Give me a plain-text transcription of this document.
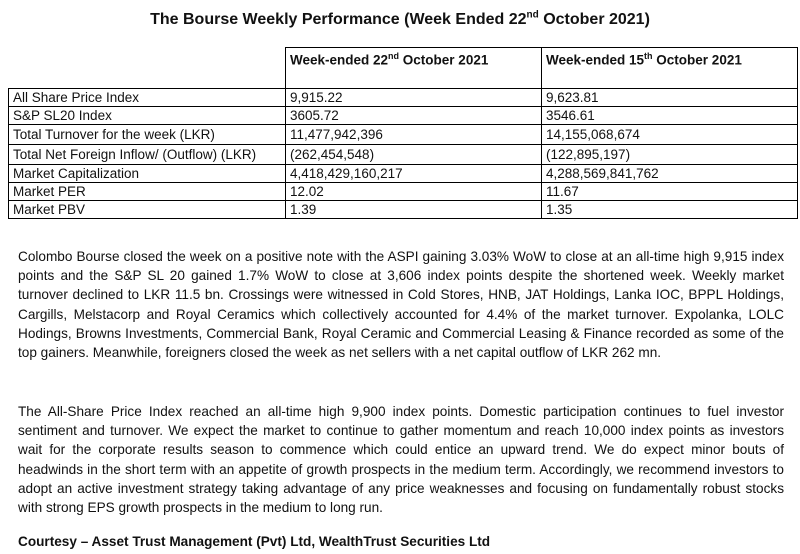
The Bourse Weekly Performance (Week Ended 22nd October 2021)
	Week-ended 22nd October 2021	Week-ended 15th October 2021
All Share Price Index	9,915.22	9,623.81
S&P SL20 Index	3605.72	3546.61
Total Turnover for the week (LKR)	11,477,942,396	14,155,068,674
Total Net Foreign Inflow/ (Outflow) (LKR)	(262,454,548)	(122,895,197)
Market Capitalization	4,418,429,160,217	4,288,569,841,762
Market PER	12.02	11.67
Market PBV	1.39	1.35

Colombo Bourse closed the week on a positive note with the ASPI gaining 3.03% WoW to close at an all-time high 9,915 index points and the S&P SL 20 gained 1.7% WoW to close at 3,606 index points despite the shortened week. Weekly market turnover declined to LKR 11.5 bn. Crossings were witnessed in Cold Stores, HNB, JAT Holdings, Lanka IOC, BPPL Holdings, Cargills, Melstacorp and Royal Ceramics which collectively accounted for 4.4% of the market turnover. Expolanka, LOLC Hodings, Browns Investments, Commercial Bank, Royal Ceramic and Commercial Leasing & Finance recorded as some of the top gainers. Meanwhile, foreigners closed the week as net sellers with a net capital outflow of LKR 262 mn.

The All-Share Price Index reached an all-time high 9,900 index points. Domestic participation continues to fuel investor sentiment and turnover. We expect the market to continue to gather momentum and reach 10,000 index points as investors wait for the corporate results season to commence which could entice an upward trend. We do expect minor bouts of headwinds in the short term with an appetite of growth prospects in the medium term. Accordingly, we recommend investors to adopt an active investment strategy taking advantage of any price weaknesses and focusing on fundamentally robust stocks with strong EPS growth prospects in the medium to long run.

Courtesy – Asset Trust Management (Pvt) Ltd, WealthTrust Securities Ltd
